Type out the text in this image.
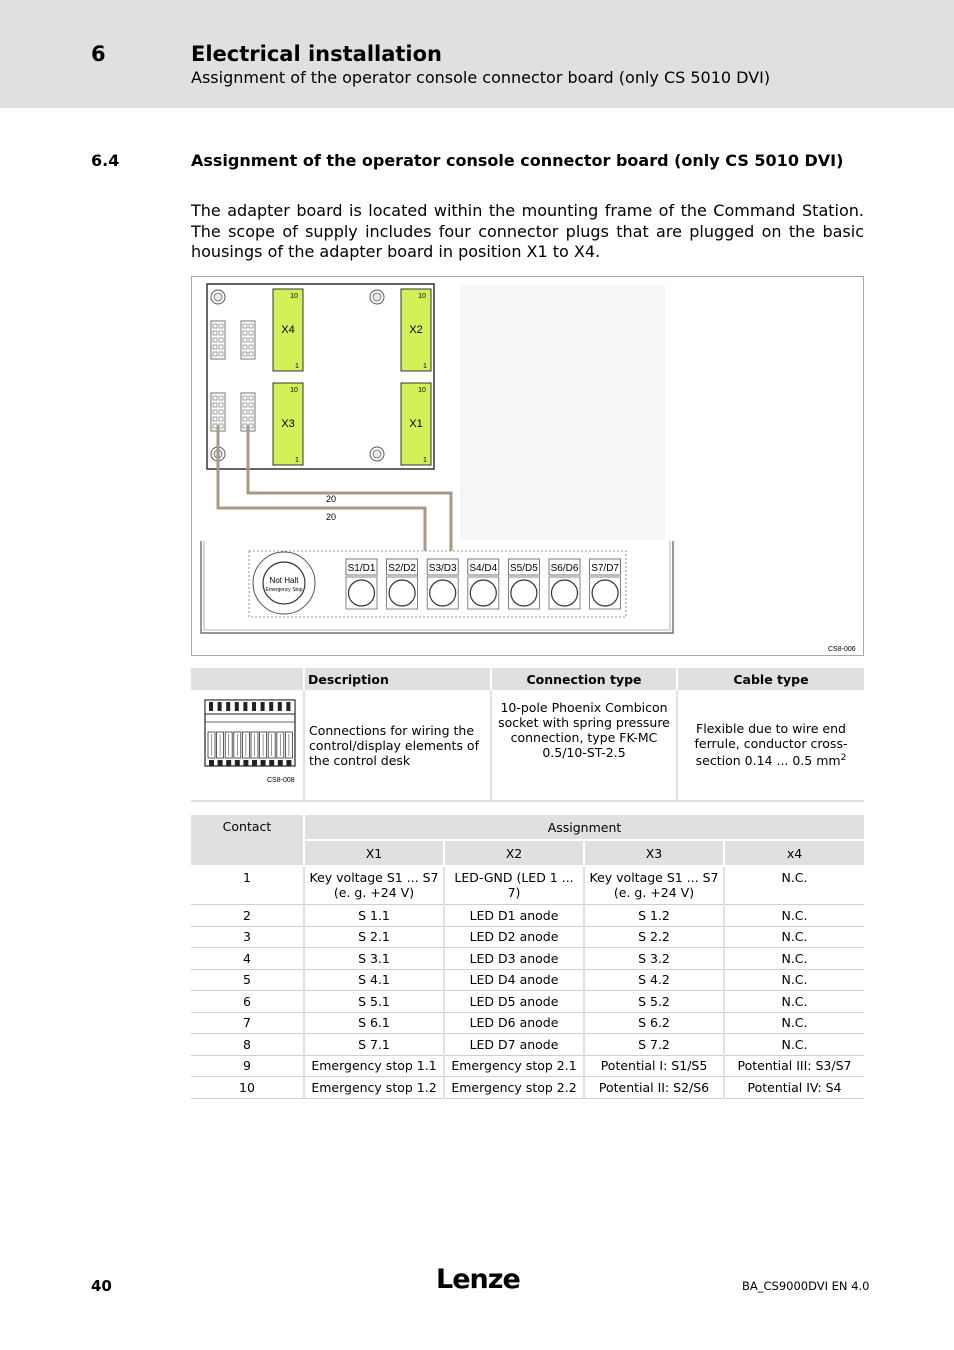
6	Electrical installation
Assignment of the operator console connector board (only CS 5010 DVI)
6.4	Assignment of the operator console connector board (only CS 5010 DVI)
The adapter board is located within the mounting frame of the Command Station. The scope of supply includes four connector plugs that are plugged on the basic housings of the adapter board in position X1 to X4.
X4
10
1
X2
10
1
X3
10
1
X1
10
1
20
20
Not Halt
Emergency Stop
S1/D1 S2/D2 S3/D3 S4/D4 S5/D5 S6/D6 S7/D7
CS8-006
	Description	Connection type	Cable type

CS8-008	Connections for wiring the control/display elements of the control desk	10-pole Phoenix Combicon socket with spring pressure connection, type FK-MC 0.5/10-ST-2.5	Flexible due to wire end ferrule, conductor cross-section 0.14 ... 0.5 $mm^2$
Contact	Assignment			
	X1	X2	X3	x4
1	Key voltage S1 ... S7 (e. g. +24 V)	LED-GND (LED 1 ... 7)	Key voltage S1 ... S7 (e. g. +24 V)	N.C.
2	S 1.1	LED D1 anode	S 1.2	N.C.
3	S 2.1	LED D2 anode	S 2.2	N.C.
4	S 3.1	LED D3 anode	S 3.2	N.C.
5	S 4.1	LED D4 anode	S 4.2	N.C.
6	S 5.1	LED D5 anode	S 5.2	N.C.
7	S 6.1	LED D6 anode	S 6.2	N.C.
8	S 7.1	LED D7 anode	S 7.2	N.C.
9	Emergency stop 1.1	Emergency stop 2.1	Potential I: S1/S5	Potential III: S3/S7
10	Emergency stop 1.2	Emergency stop 2.2	Potential II: S2/S6	Potential IV: S4
40	Lenze	BA_CS9000DVI EN 4.0
